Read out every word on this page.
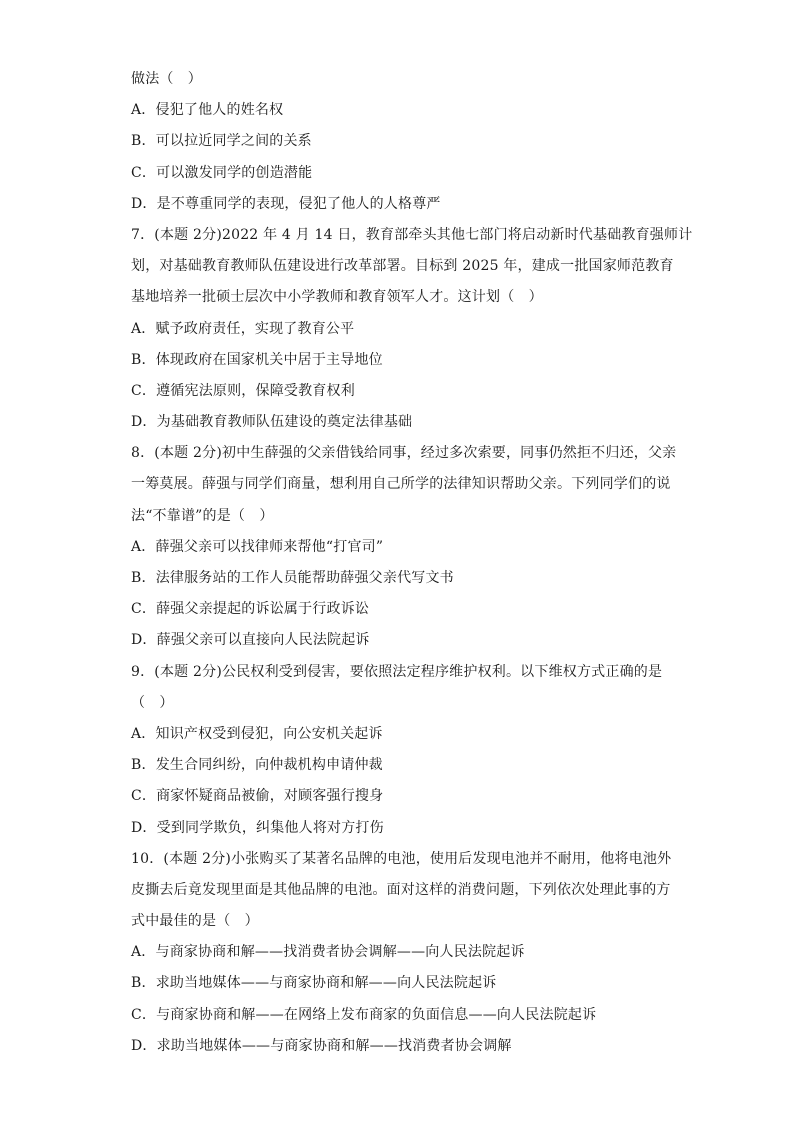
做法（　）
A．侵犯了他人的姓名权
B．可以拉近同学之间的关系
C．可以激发同学的创造潜能
D．是不尊重同学的表现，侵犯了他人的人格尊严
7．(本题 2分)2022 年 4 月 14 日，教育部牵头其他七部门将启动新时代基础教育强师计
划，对基础教育教师队伍建设进行改革部署。目标到 2025 年，建成一批国家师范教育
基地培养一批硕士层次中小学教师和教育领军人才。这计划（　）
A．赋予政府责任，实现了教育公平
B．体现政府在国家机关中居于主导地位
C．遵循宪法原则，保障受教育权利
D．为基础教育教师队伍建设的奠定法律基础
8．(本题 2分)初中生薛强的父亲借钱给同事，经过多次索要，同事仍然拒不归还，父亲
一筹莫展。薛强与同学们商量，想利用自己所学的法律知识帮助父亲。下列同学们的说
法“不靠谱”的是（　）
A．薛强父亲可以找律师来帮他“打官司”
B．法律服务站的工作人员能帮助薛强父亲代写文书
C．薛强父亲提起的诉讼属于行政诉讼
D．薛强父亲可以直接向人民法院起诉
9．(本题 2分)公民权利受到侵害，要依照法定程序维护权利。以下维权方式正确的是
（　）
A．知识产权受到侵犯，向公安机关起诉
B．发生合同纠纷，向仲裁机构申请仲裁
C．商家怀疑商品被偷，对顾客强行搜身
D．受到同学欺负，纠集他人将对方打伤
10．(本题 2分)小张购买了某著名品牌的电池，使用后发现电池并不耐用，他将电池外
皮撕去后竟发现里面是其他品牌的电池。面对这样的消费问题，下列依次处理此事的方
式中最佳的是（　）
A．与商家协商和解——找消费者协会调解——向人民法院起诉
B．求助当地媒体——与商家协商和解——向人民法院起诉
C．与商家协商和解——在网络上发布商家的负面信息——向人民法院起诉
D．求助当地媒体——与商家协商和解——找消费者协会调解
